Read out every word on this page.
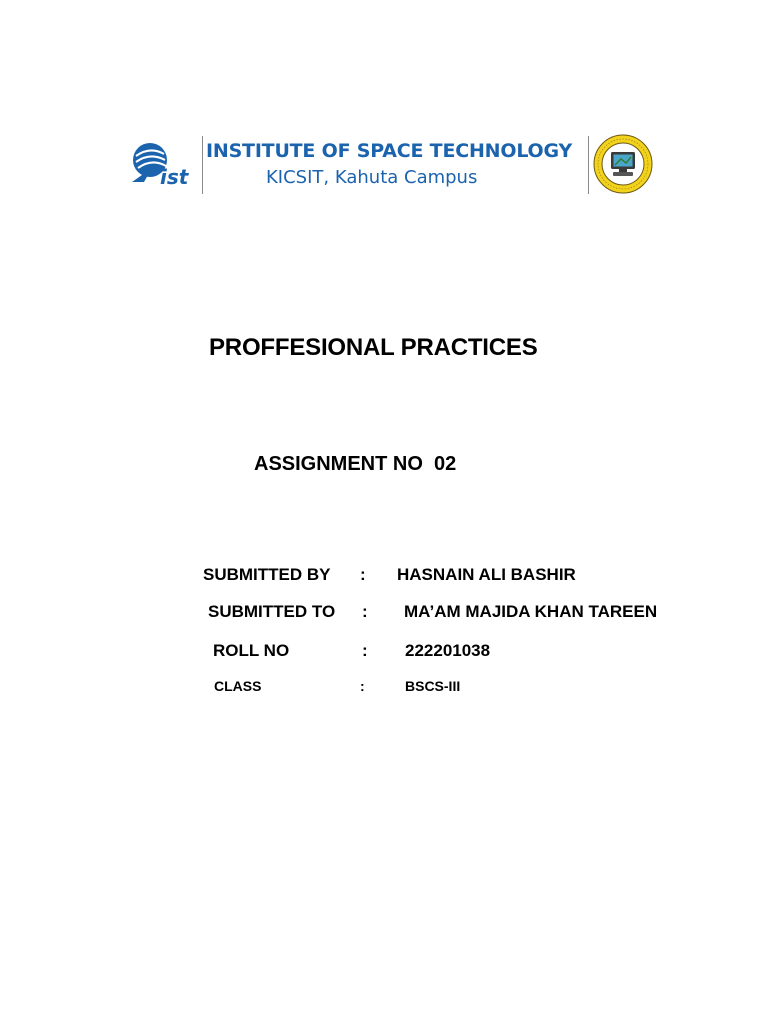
ist
INSTITUTE OF SPACE TECHNOLOGY
KICSIT, Kahuta Campus
PROFFESIONAL PRACTICES
ASSIGNMENT NO  02
SUBMITTED BY : HASNAIN ALI BASHIR
SUBMITTED TO : MA’AM MAJIDA KHAN TAREEN
ROLL NO	: 222201038
CLASS	:	BSCS-III
